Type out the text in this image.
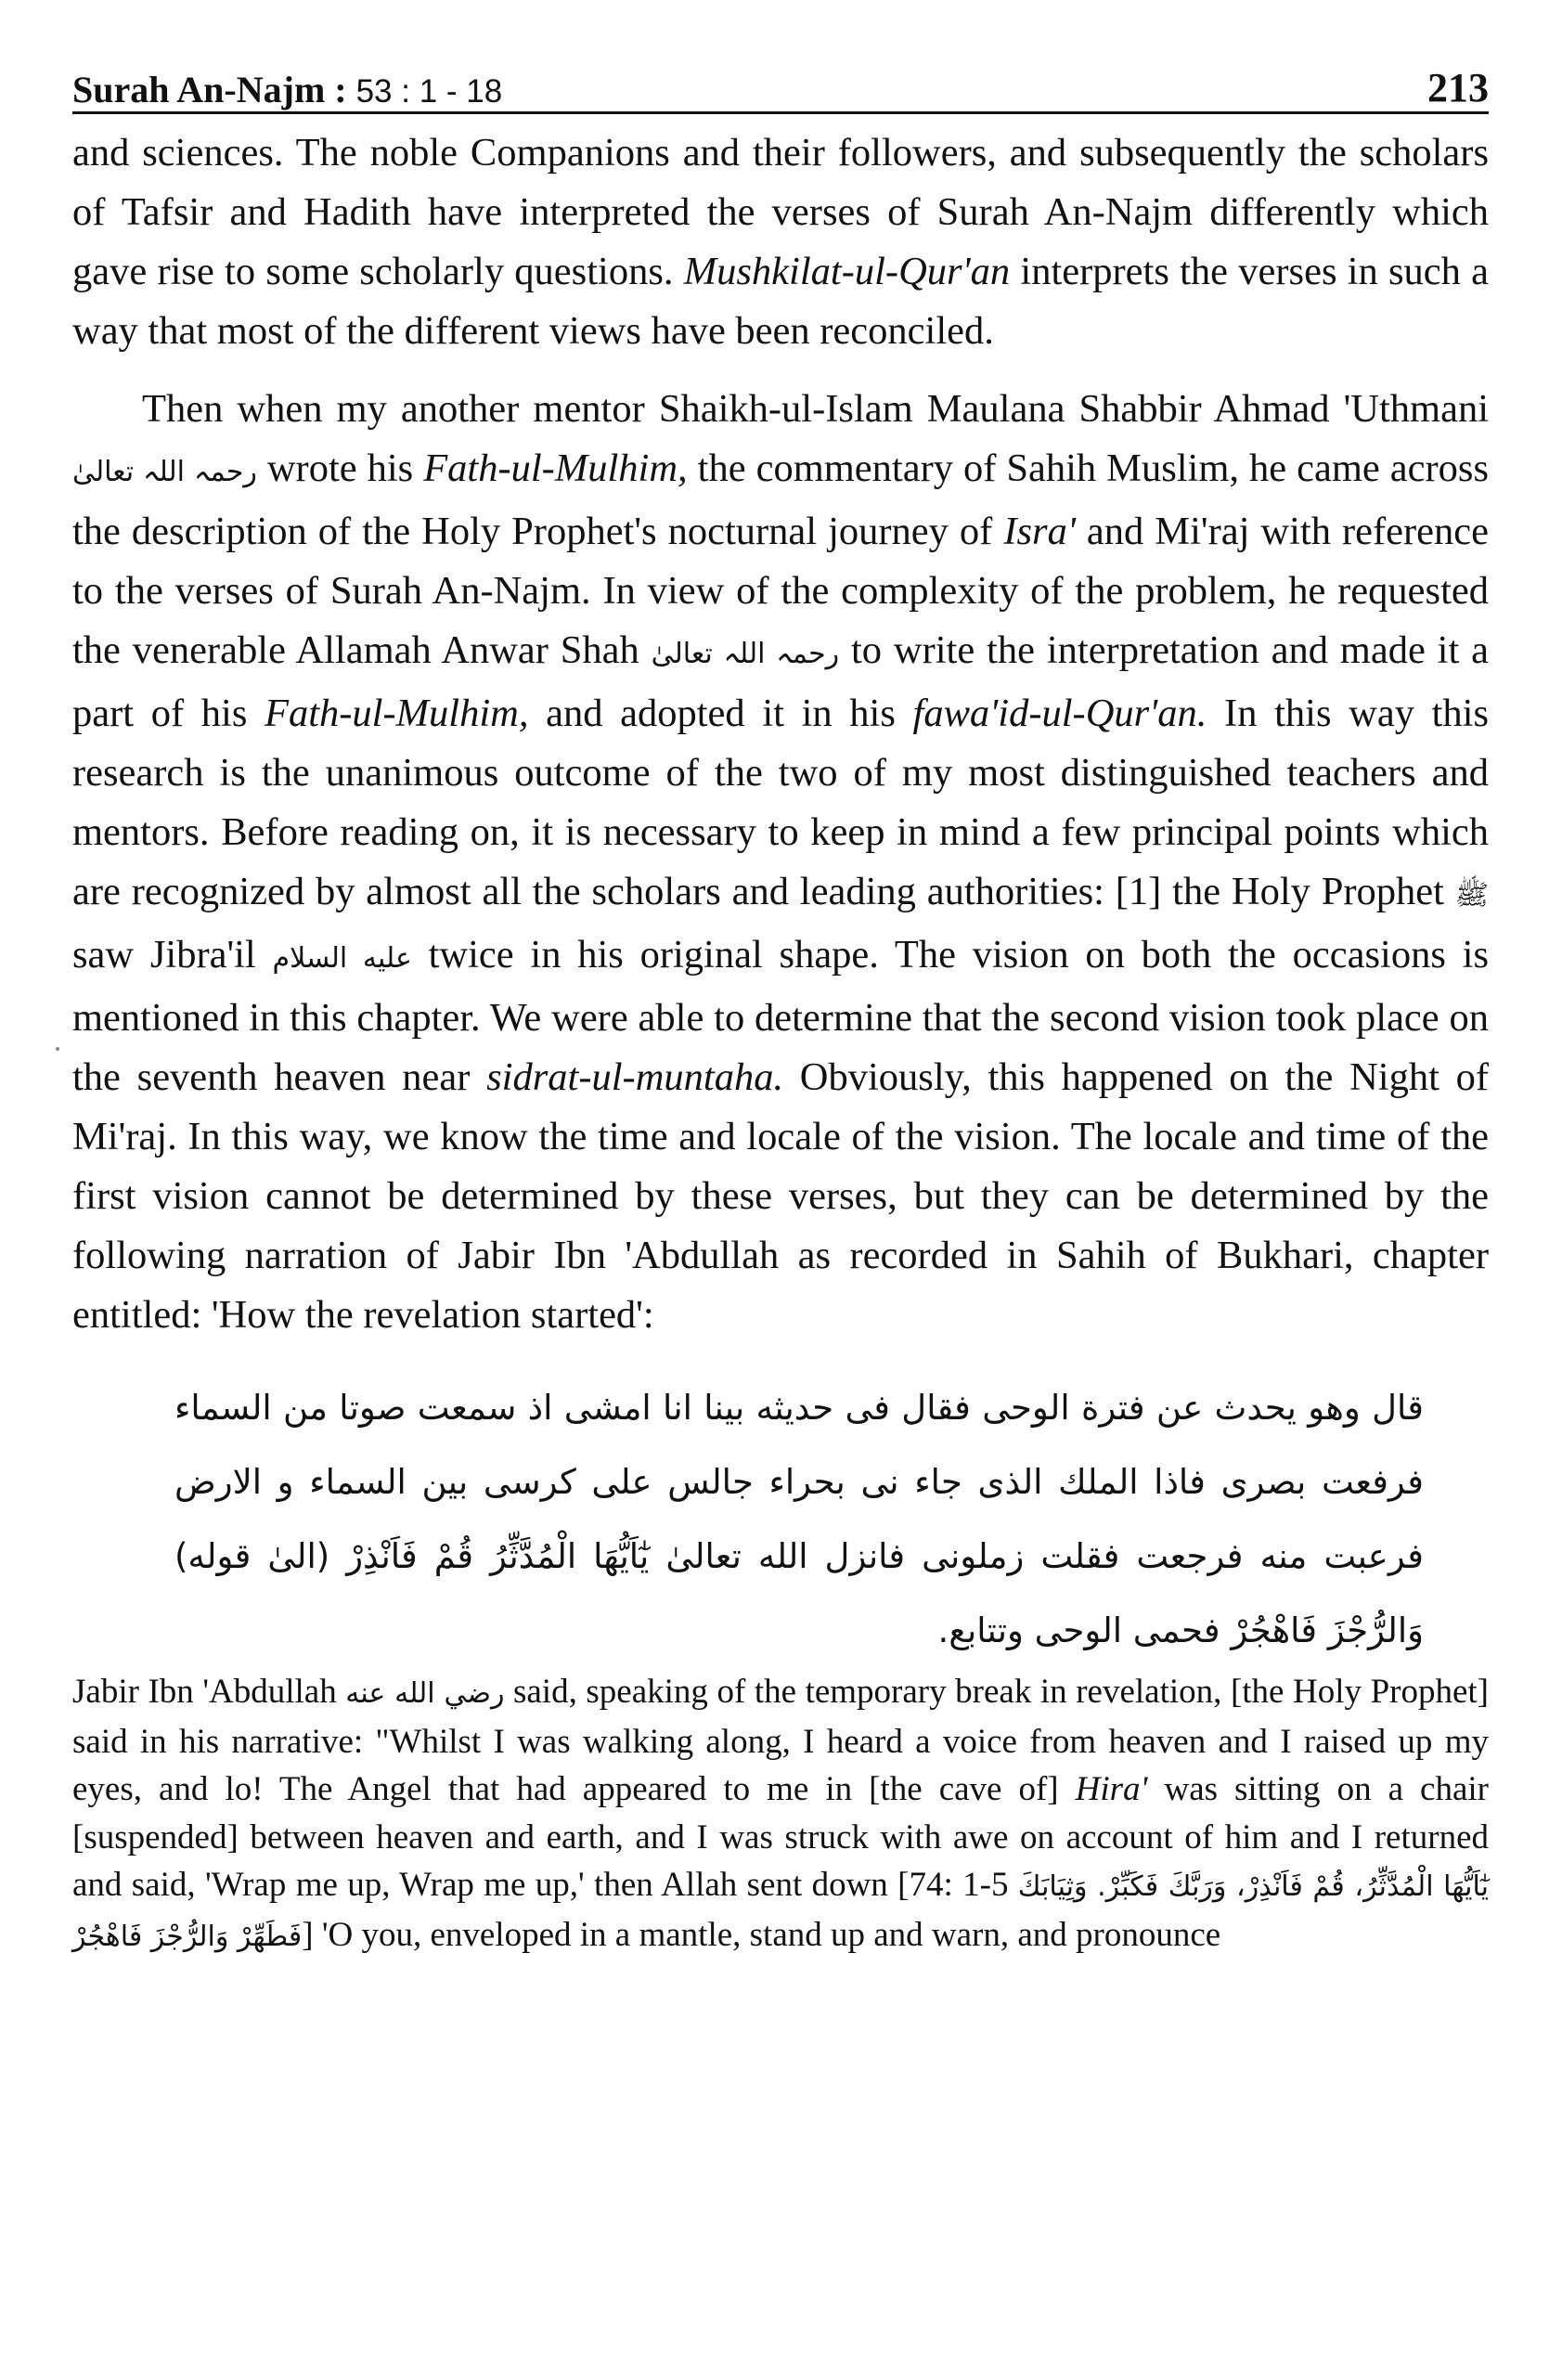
Surah An-Najm : 53 : 1 - 18	213

and sciences. The noble Companions and their followers, and subsequently the scholars of Tafsir and Hadith have interpreted the verses of Surah An-Najm differently which gave rise to some scholarly questions. Mushkilat-ul-Qur'an interprets the verses in such a way that most of the different views have been reconciled.

Then when my another mentor Shaikh-ul-Islam Maulana Shabbir Ahmad 'Uthmani رحمہ اللہ تعالیٰ wrote his Fath-ul-Mulhim, the commentary of Sahih Muslim, he came across the description of the Holy Prophet's nocturnal journey of Isra' and Mi'raj with reference to the verses of Surah An-Najm. In view of the complexity of the problem, he requested the venerable Allamah Anwar Shah رحمہ اللہ تعالیٰ to write the interpretation and made it a part of his Fath-ul-Mulhim, and adopted it in his fawa'id-ul-Qur'an. In this way this research is the unanimous outcome of the two of my most distinguished teachers and mentors. Before reading on, it is necessary to keep in mind a few principal points which are recognized by almost all the scholars and leading authorities: [1] the Holy Prophet ﷺ saw Jibra'il عليه السلام twice in his original shape. The vision on both the occasions is mentioned in this chapter. We were able to determine that the second vision took place on the seventh heaven near sidrat-ul-muntaha. Obviously, this happened on the Night of Mi'raj. In this way, we know the time and locale of the vision. The locale and time of the first vision cannot be determined by these verses, but they can be determined by the following narration of Jabir Ibn 'Abdullah as recorded in Sahih of Bukhari, chapter entitled: 'How the revelation started':

قال وهو يحدث عن فترة الوحى فقال فى حديثه بينا انا امشى اذ سمعت صوتا من السماء فرفعت بصرى فاذا الملك الذى جاء نى بحراء جالس على كرسى بين السماء و الارض فرعبت منه فرجعت فقلت زملونى فانزل الله تعالىٰ يٰٓاَيُّهَا الْمُدَّثِّرُ قُمْ فَاَنْذِرْ (الىٰ قوله) وَالرُّجْزَ فَاهْجُرْ فحمى الوحى وتتابع.

Jabir Ibn 'Abdullah رضي الله عنه said, speaking of the temporary break in revelation, [the Holy Prophet] said in his narrative: "Whilst I was walking along, I heard a voice from heaven and I raised up my eyes, and lo! The Angel that had appeared to me in [the cave of] Hira' was sitting on a chair [suspended] between heaven and earth, and I was struck with awe on account of him and I returned and said, 'Wrap me up, Wrap me up,' then Allah sent down [74: 1-5 يٰٓاَيُّهَا الْمُدَّثِّرُ، قُمْ فَاَنْذِرْ، وَرَبَّكَ فَكَبِّرْ. وَثِيَابَكَ فَطَهِّرْ وَالرُّجْزَ فَاهْجُرْ] 'O you, enveloped in a mantle, stand up and warn, and pronounce
